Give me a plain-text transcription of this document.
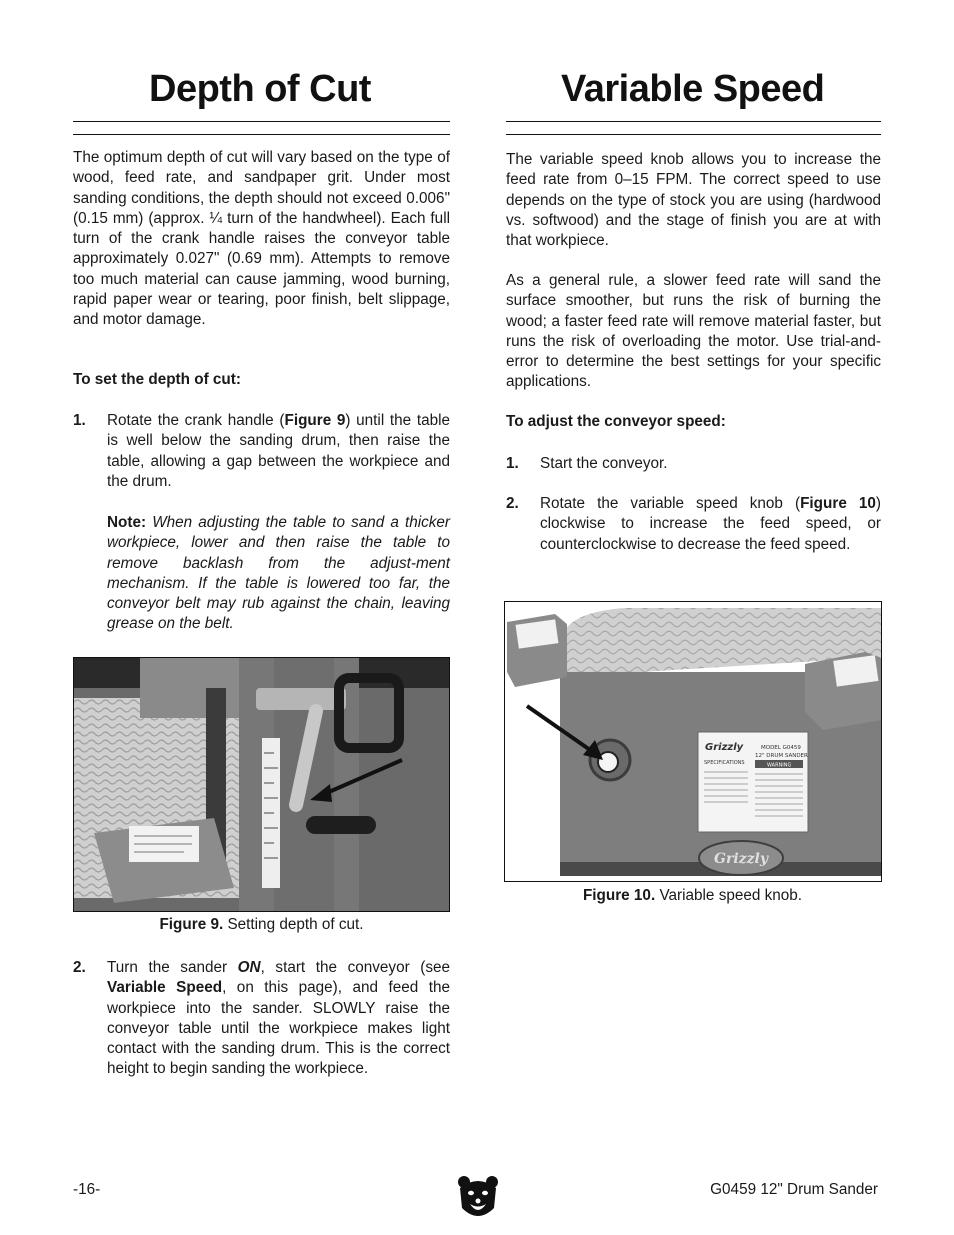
Depth of Cut

The optimum depth of cut will vary based on the type of wood, feed rate, and sandpaper grit. Under most sanding conditions, the depth should not exceed 0.006" (0.15 mm) (approx. ¼ turn of the handwheel). Each full turn of the crank handle raises the conveyor table approximately 0.027" (0.69 mm). Attempts to remove too much material can cause jamming, wood burning, rapid paper wear or tearing, poor finish, belt slippage, and motor damage.

To set the depth of cut:

1. Rotate the crank handle (Figure 9) until the table is well below the sanding drum, then raise the table, allowing a gap between the workpiece and the drum.
Note: When adjusting the table to sand a thicker workpiece, lower and then raise the table to remove backlash from the adjust-ment mechanism. If the table is lowered too far, the conveyor belt may rub against the chain, leaving grease on the belt.

Figure 9. Setting depth of cut.

2. Turn the sander ON, start the conveyor (see Variable Speed, on this page), and feed the workpiece into the sander. SLOWLY raise the conveyor table until the workpiece makes light contact with the sanding drum. This is the correct height to begin sanding the workpiece.
Variable Speed

The variable speed knob allows you to increase the feed rate from 0–15 FPM. The correct speed to use depends on the type of stock you are using (hardwood vs. softwood) and the stage of finish you are at with that workpiece.

As a general rule, a slower feed rate will sand the surface smoother, but runs the risk of burning the wood; a faster feed rate will remove material faster, but runs the risk of overloading the motor. Use trial-and-error to determine the best settings for your specific applications.

To adjust the conveyor speed:

1. Start the conveyor.
2. Rotate the variable speed knob (Figure 10) clockwise to increase the feed speed, or counterclockwise to decrease the feed speed.
Grizzly	MODEL G0459
12" DRUM SANDER
SPECIFICATIONS	WARNING
Grizzly

Figure 10. Variable speed knob.

-16-	G0459 12" Drum Sander
